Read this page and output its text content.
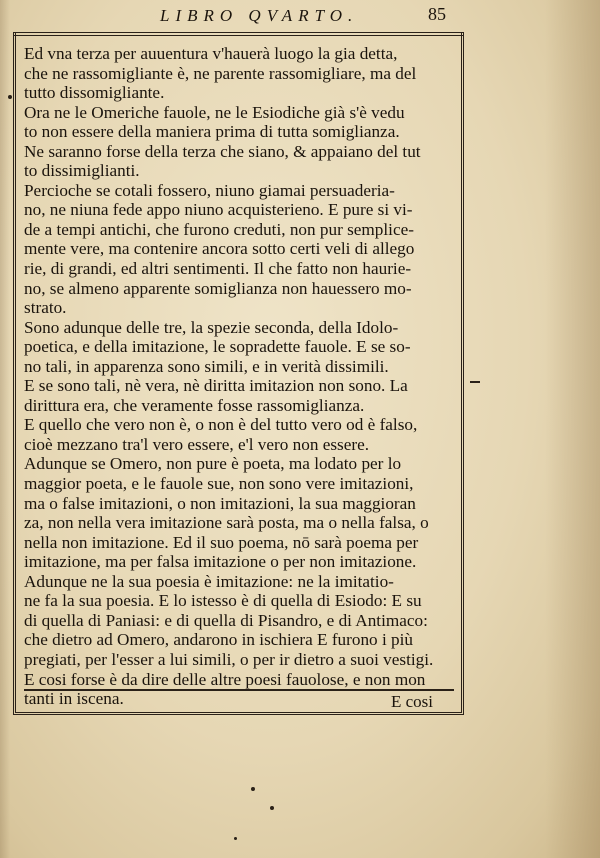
LIBRO QVARTO.	85
Ed vna terza per auuentura v'hauerà luogo la gia detta,
che ne rassomigliante è, ne parente rassomigliare, ma del
tutto dissomigliante.
Ora ne le Omeriche fauole, ne le Esiodiche già s'è vedu
to non essere della maniera prima di tutta somiglianza.
Ne saranno forse della terza che siano, & appaiano del tut
to dissimiglianti.
Percioche se cotali fossero, niuno giamai persuaderia-
no, ne niuna fede appo niuno acquisterieno. E pure si vi-
de a tempi antichi, che furono creduti, non pur semplice-
mente vere, ma contenire ancora sotto certi veli di allego
rie, di grandi, ed altri sentimenti. Il che fatto non haurie-
no, se almeno apparente somiglianza non hauessero mo-
strato.
Sono adunque delle tre, la spezie seconda, della Idolo-
poetica, e della imitazione, le sopradette fauole. E se so-
no tali, in apparenza sono simili, e in verità dissimili.
E se sono tali, nè vera, nè diritta imitazion non sono. La
dirittura era, che veramente fosse rassomiglianza.
E quello che vero non è, o non è del tutto vero od è falso,
cioè mezzano tra'l vero essere, e'l vero non essere.
Adunque se Omero, non pure è poeta, ma lodato per lo
maggior poeta, e le fauole sue, non sono vere imitazioni,
ma o false imitazioni, o non imitazioni, la sua maggioran
za, non nella vera imitazione sarà posta, ma o nella falsa, o
nella non imitazione. Ed il suo poema, nō sarà poema per
imitazione, ma per falsa imitazione o per non imitazione.
Adunque ne la sua poesia è imitazione: ne la imitatio-
ne fa la sua poesia. E lo istesso è di quella di Esiodo: E su
di quella di Paniasi: e di quella di Pisandro, e di Antimaco:
che dietro ad Omero, andarono in ischiera E furono i più
pregiati, per l'esser a lui simili, o per ir dietro a suoi vestigi.
E cosi forse è da dire delle altre poesi fauolose, e non mon
tanti in iscena.	E cosi
